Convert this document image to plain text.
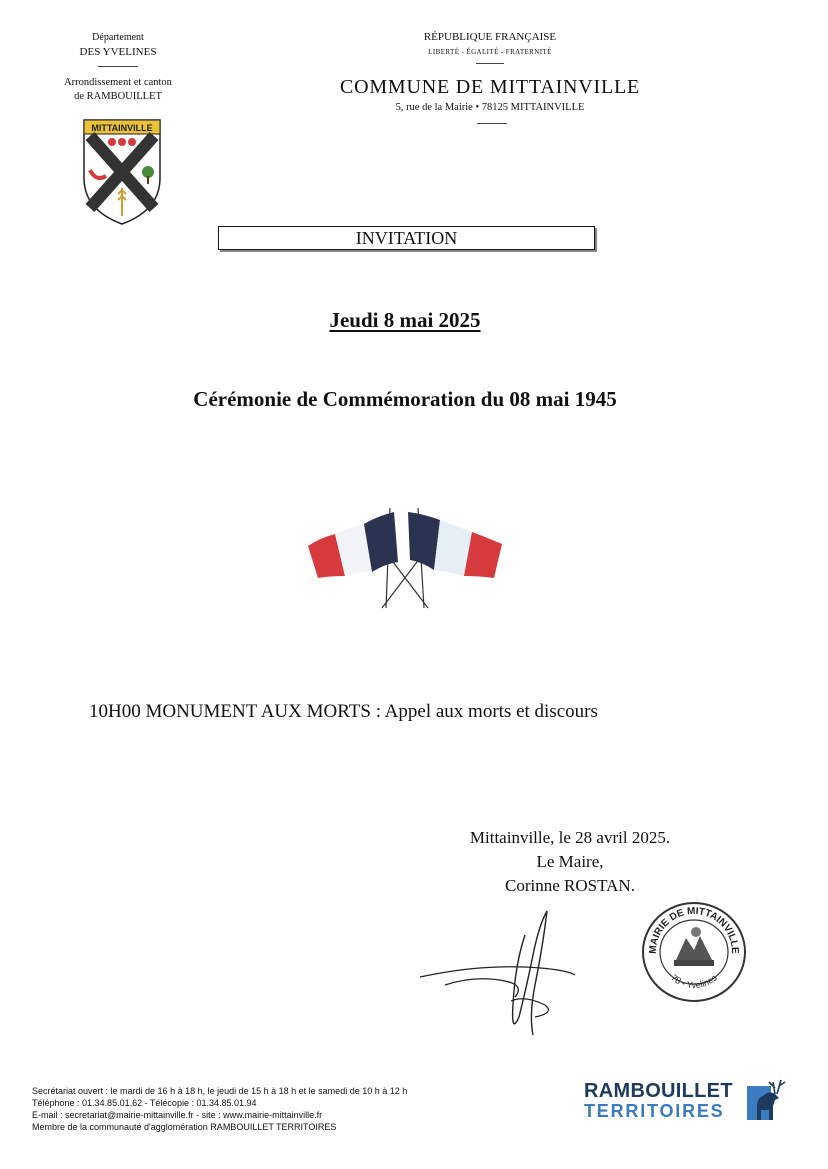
Département
DES YVELINES
Arrondissement et canton
de RAMBOUILLET
MITTAINVILLE
RÉPUBLIQUE FRANÇAISE
LIBERTÉ - ÉGALITÉ - FRATERNITÉ
COMMUNE DE MITTAINVILLE
5, rue de la Mairie • 78125 MITTAINVILLE
INVITATION
Jeudi 8 mai 2025
Cérémonie de Commémoration du 08 mai 1945
10H00 MONUMENT AUX MORTS : Appel aux morts et discours
Mittainville, le 28 avril 2025.
Le Maire,
Corinne ROSTAN.
MAIRIE DE MITTAINVILLE
78 - Yvelines
Secrétariat ouvert : le mardi de 16 h à 18 h, le jeudi de 15 h à 18 h et le samedi de 10 h à 12 h
Téléphone : 01.34.85.01.62 - Télécopie : 01.34.85.01.94
E-mail : secretariat@mairie-mittainville.fr - site : www.mairie-mittainville.fr
Membre de la communauté d'agglomération RAMBOUILLET TERRITOIRES
RAMBOUILLET
TERRITOIRES
